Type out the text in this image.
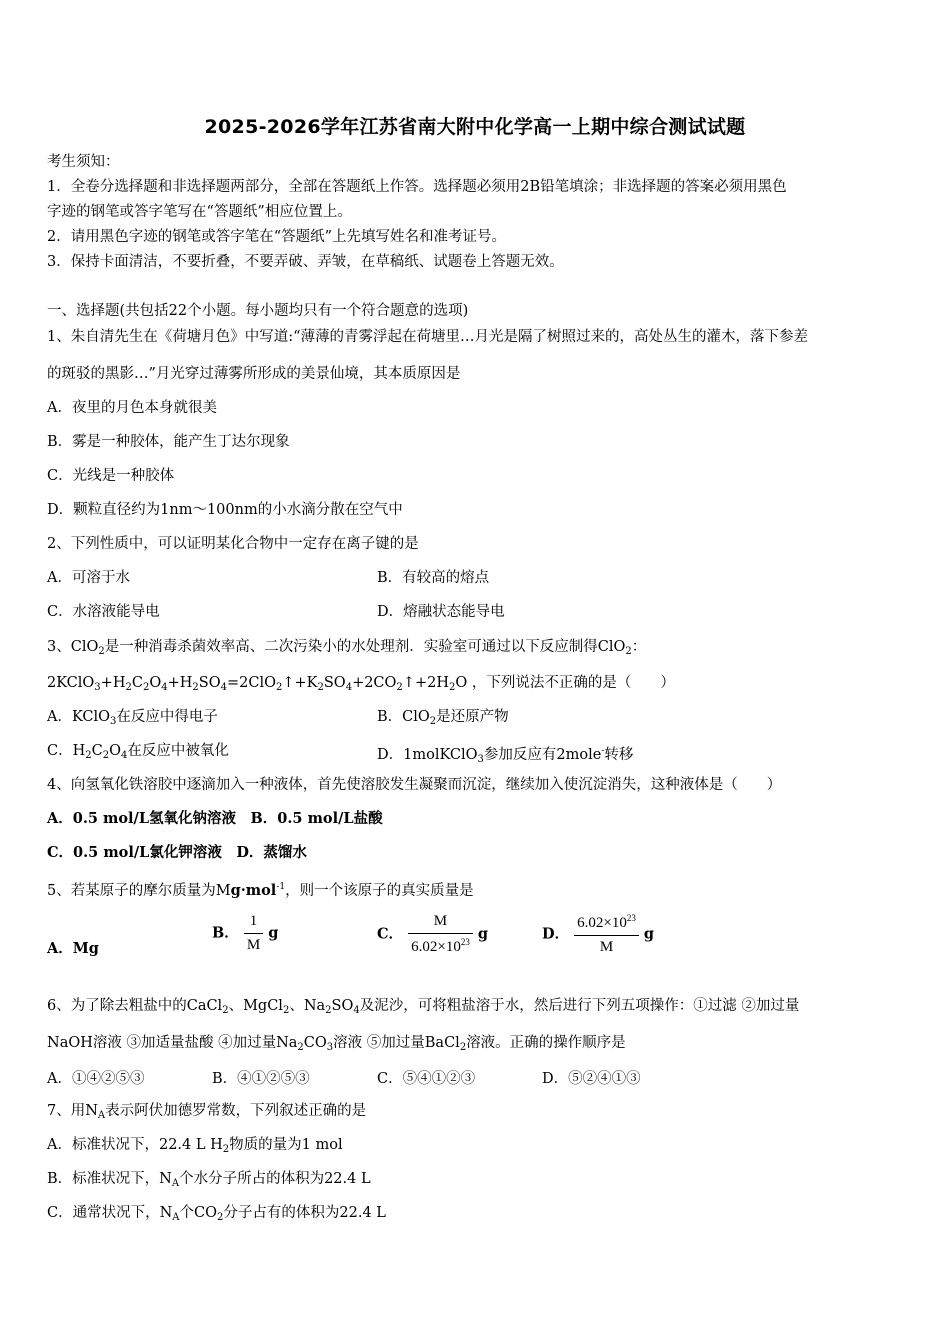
2025-2026学年江苏省南大附中化学高一上期中综合测试试题
考生须知：
1．全卷分选择题和非选择题两部分，全部在答题纸上作答。选择题必须用2B铅笔填涂；非选择题的答案必须用黑色
字迹的钢笔或答字笔写在“答题纸”相应位置上。
2．请用黑色字迹的钢笔或答字笔在“答题纸”上先填写姓名和准考证号。
3．保持卡面清洁，不要折叠，不要弄破、弄皱，在草稿纸、试题卷上答题无效。
一、选择题(共包括22个小题。每小题均只有一个符合题意的选项)
1、朱自清先生在《荷塘月色》中写道:“薄薄的青雾浮起在荷塘里…月光是隔了树照过来的，高处丛生的灌木，落下参差
的斑驳的黑影…”月光穿过薄雾所形成的美景仙境，其本质原因是
A．夜里的月色本身就很美
B．雾是一种胶体，能产生丁达尔现象
C．光线是一种胶体
D．颗粒直径约为1nm～100nm的小水滴分散在空气中
2、下列性质中，可以证明某化合物中一定存在离子键的是
A．可溶于水	B．有较高的熔点
C．水溶液能导电	D．熔融状态能导电
3、ClO$_2$是一种消毒杀菌效率高、二次污染小的水处理剂．实验室可通过以下反应制得ClO$_2$：
$2KClO_3+H_2C_2O_4+H_2SO_4=2ClO_2↑+K_2SO_4+2CO_2↑+2H_2O$ ，下列说法不正确的是（　　）
A．KClO$_3$在反应中得电子	B．ClO$_2$是还原产物
C．$H_2C_2O_4$在反应中被氧化	D．1molKClO$_3$参加反应有2mole-转移
4、向氢氧化铁溶胶中逐滴加入一种液体，首先使溶胶发生凝聚而沉淀，继续加入使沉淀消失，这种液体是（　　）
A．0.5 mol/L氢氧化钠溶液　B．0.5 mol/L盐酸
C．0.5 mol/L氯化钾溶液　D．蒸馏水
5、若某原子的摩尔质量为Mg·mol$^{-1}$，则一个该原子的真实质量是
A．Mg
B． $\frac{1}{M}$ g	C． $\frac{M}{6.02\times 10^{23}}$ g	D． $\frac{6.02\times 10^{23}}{M}$ g
6、为了除去粗盐中的CaCl$_2$、MgCl$_2$、$Na_2SO_4$及泥沙，可将粗盐溶于水，然后进行下列五项操作：①过滤 ②加过量
NaOH溶液 ③加适量盐酸 ④加过量$Na_2CO_3$溶液 ⑤加过量BaCl$_2$溶液。正确的操作顺序是
A．①④②⑤③	B．④①②⑤③	C．⑤④①②③	D．⑤②④①③
7、用$N_A$表示阿伏加德罗常数，下列叙述正确的是
A．标准状况下，22.4 L $H_2$物质的量为1 mol
B．标准状况下，$N_A$个水分子所占的体积为22.4 L
C．通常状况下，$N_A$个$CO_2$分子占有的体积为22.4 L
